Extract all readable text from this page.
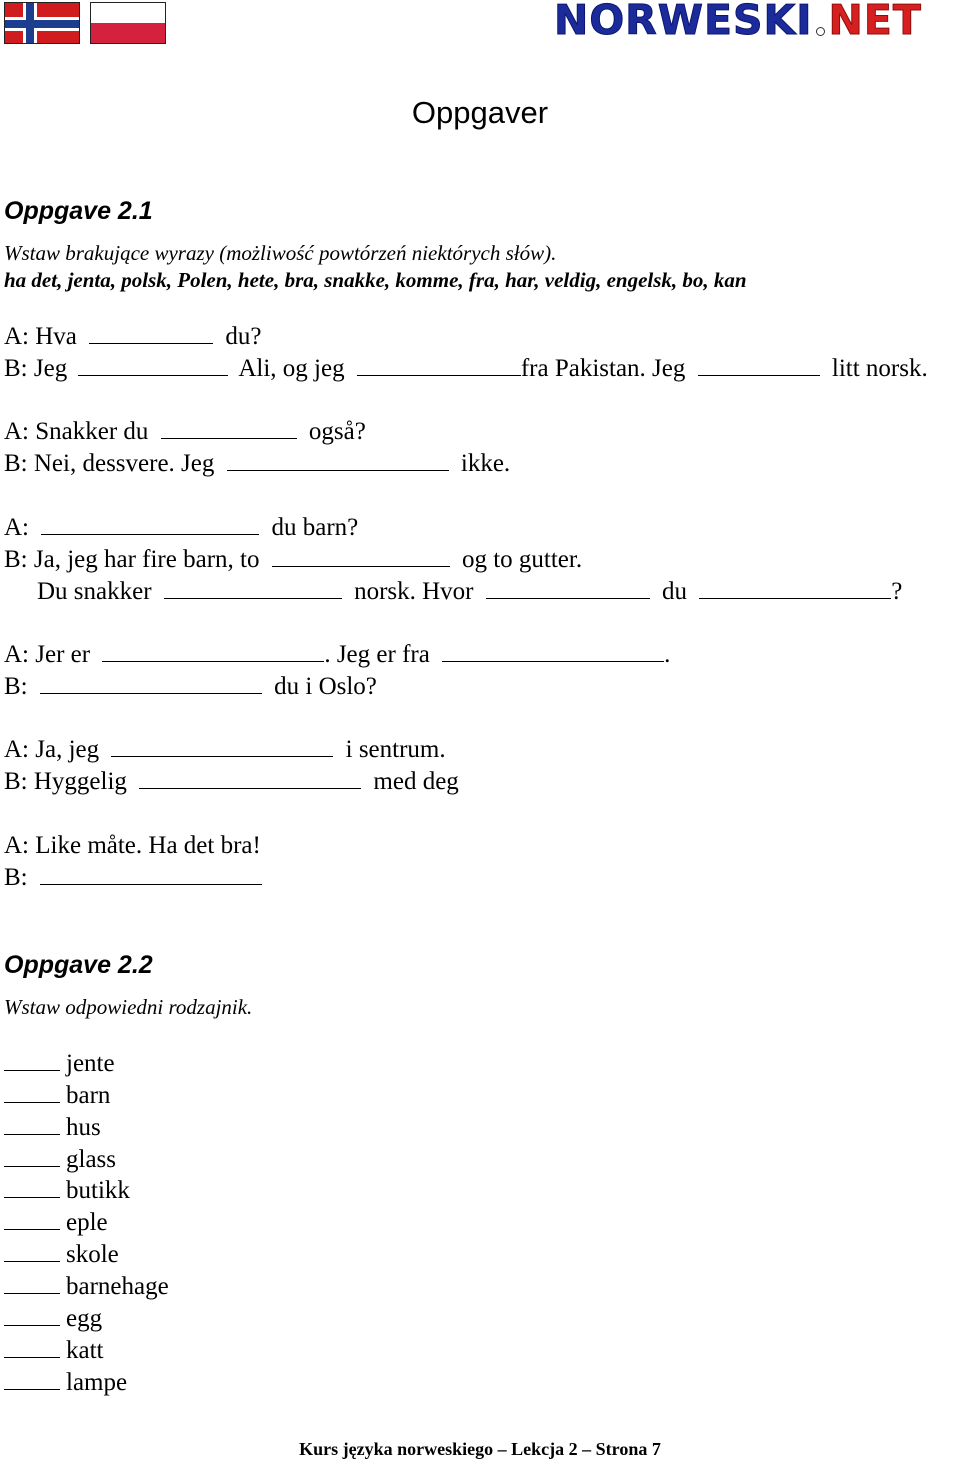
NORWESKI NET
Oppgaver
Oppgave 2.1
Wstaw brakujące wyrazy (możliwość powtórzeń niektórych słów).
ha det, jenta, polsk, Polen, hete, bra, snakke, komme, fra, har, veldig, engelsk, bo, kan
A: Hva	du?
B: Jeg	Ali, og jeg	fra Pakistan. Jeg	litt norsk.
A: Snakker du	også?
B: Nei, dessvere. Jeg	ikke.
A:	du barn?
B: Ja, jeg har fire barn, to	og to gutter.
Du snakker	norsk. Hvor	du	?
A: Jer er	. Jeg er fra	.
B:	du i Oslo?
A: Ja, jeg	i sentrum.
B: Hyggelig	med deg
A: Like måte. Ha det bra!
B:
Oppgave 2.2
Wstaw odpowiedni rodzajnik.
jente
barn
hus
glass
butikk
eple
skole
barnehage
egg
katt
lampe
Kurs języka norweskiego – Lekcja 2 – Strona 7
